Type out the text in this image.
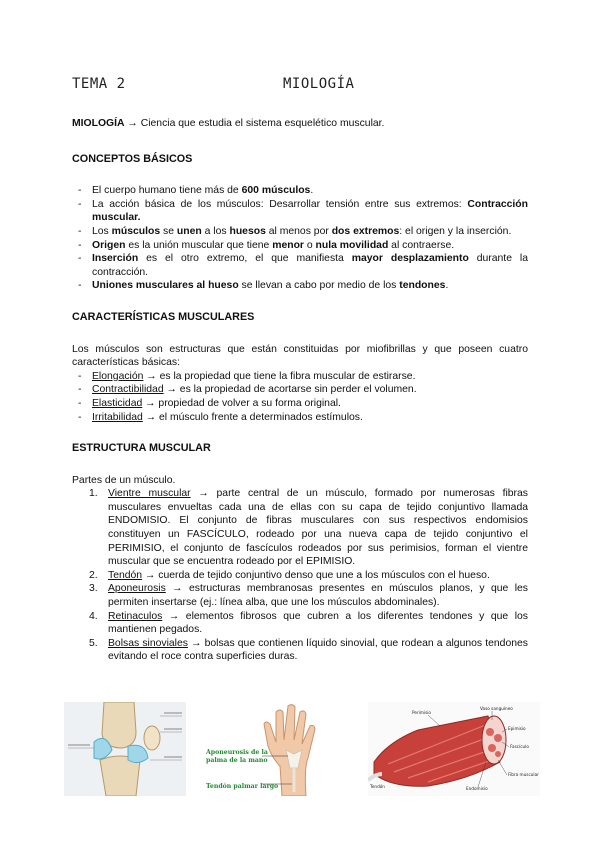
TEMA 2	MIOLOGÍA

MIOLOGÍA → Ciencia que estudia el sistema esquelético muscular.

CONCEPTOS BÁSICOS
- El cuerpo humano tiene más de 600 músculos.
- La acción básica de los músculos: Desarrollar tensión entre sus extremos: Contracción muscular.
- Los músculos se unen a los huesos al menos por dos extremos: el origen y la inserción.
- Origen es la unión muscular que tiene menor o nula movilidad al contraerse.
- Inserción es el otro extremo, el que manifiesta mayor desplazamiento durante la contracción.
- Uniones musculares al hueso se llevan a cabo por medio de los tendones.
CARACTERÍSTICAS MUSCULARES

Los músculos son estructuras que están constituidas por miofibrillas y que poseen cuatro características básicas:

- Elongación → es la propiedad que tiene la fibra muscular de estirarse.
- Contractibilidad → es la propiedad de acortarse sin perder el volumen.
- Elasticidad → propiedad de volver a su forma original.
- Irritabilidad → el músculo frente a determinados estímulos.
ESTRUCTURA MUSCULAR

Partes de un músculo.

1. Vientre muscular → parte central de un músculo, formado por numerosas fibras musculares envueltas cada una de ellas con su capa de tejido conjuntivo llamada ENDOMISIO. El conjunto de fibras musculares con sus respectivos endomisios constituyen un FASCÍCULO, rodeado por una nueva capa de tejido conjuntivo el PERIMISIO, el conjunto de fascículos rodeados por sus perimisios, forman el vientre muscular que se encuentra rodeado por el EPIMISIO.
2. Tendón → cuerda de tejido conjuntivo denso que une a los músculos con el hueso.
3. Aponeurosis → estructuras membranosas presentes en músculos planos, y que les permiten insertarse (ej.: línea alba, que une los músculos abdominales).
4. Retinaculos → elementos fibrosos que cubren a los diferentes tendones y que los mantienen pegados.
5. Bolsas sinoviales → bolsas que contienen líquido sinovial, que rodean a algunos tendones evitando el roce contra superficies duras.
Aponeurosis de la
palma de la mano
Tendón palmar largo
Perimisio
Vaso sanguíneo
Epimisio
Fascículo
Endomisio
Tendón
Fibra muscular
